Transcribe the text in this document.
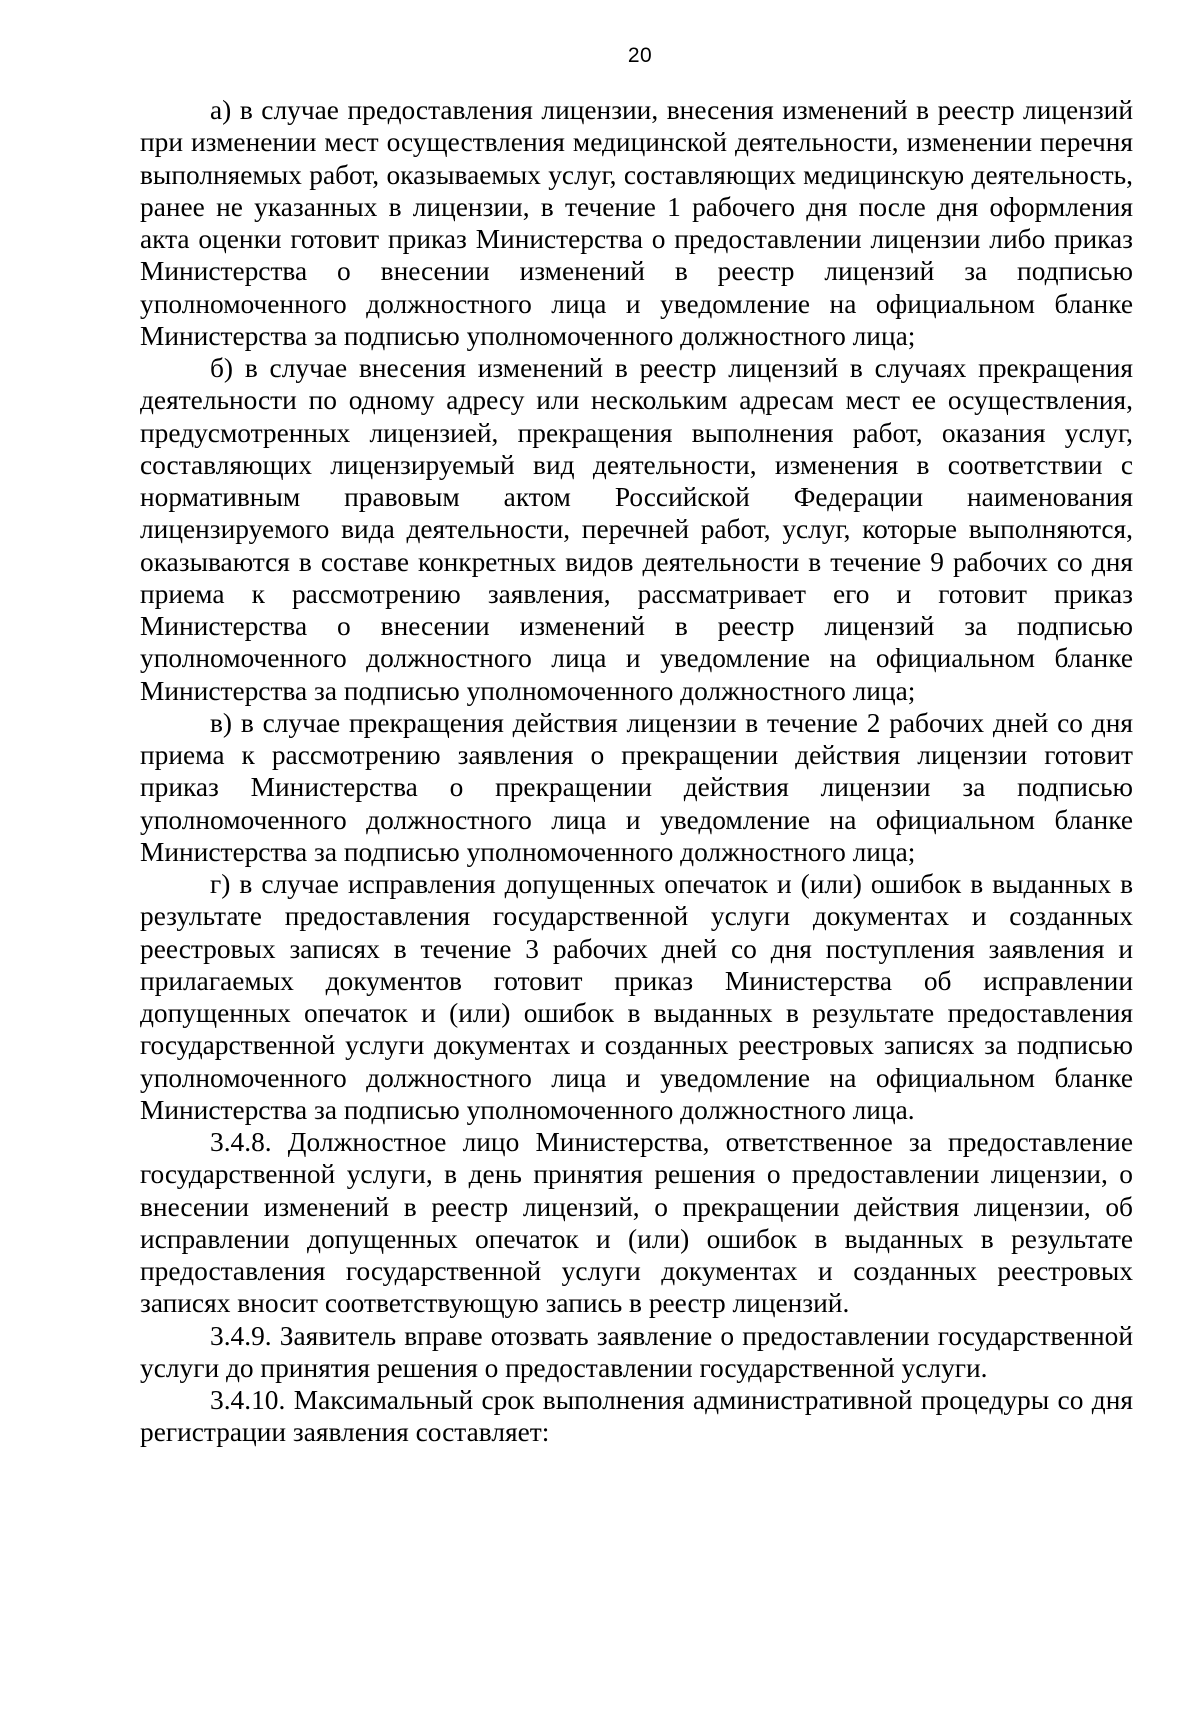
20

а) в случае предоставления лицензии, внесения изменений в реестр лицензий при изменении мест осуществления медицинской деятельности, изменении перечня выполняемых работ, оказываемых услуг, составляющих медицинскую деятельность, ранее не указанных в лицензии, в течение 1 рабочего дня после дня оформления акта оценки готовит приказ Министерства о предоставлении лицензии либо приказ Министерства о внесении изменений в реестр лицензий за подписью уполномоченного должностного лица и уведомление на официальном бланке Министерства за подписью уполномоченного должностного лица;

б) в случае внесения изменений в реестр лицензий в случаях прекращения деятельности по одному адресу или нескольким адресам мест ее осуществления, предусмотренных лицензией, прекращения выполнения работ, оказания услуг, составляющих лицензируемый вид деятельности, изменения в соответствии с нормативным правовым актом Российской Федерации наименования лицензируемого вида деятельности, перечней работ, услуг, которые выполняются, оказываются в составе конкретных видов деятельности в течение 9 рабочих со дня приема к рассмотрению заявления, рассматривает его и готовит приказ Министерства о внесении изменений в реестр лицензий за подписью уполномоченного должностного лица и уведомление на официальном бланке Министерства за подписью уполномоченного должностного лица;

в) в случае прекращения действия лицензии в течение 2 рабочих дней со дня приема к рассмотрению заявления о прекращении действия лицензии готовит приказ Министерства о прекращении действия лицензии за подписью уполномоченного должностного лица и уведомление на официальном бланке Министерства за подписью уполномоченного должностного лица;

г) в случае исправления допущенных опечаток и (или) ошибок в выданных в результате предоставления государственной услуги документах и созданных реестровых записях в течение 3 рабочих дней со дня поступления заявления и прилагаемых документов готовит приказ Министерства об исправлении допущенных опечаток и (или) ошибок в выданных в результате предоставления государственной услуги документах и созданных реестровых записях за подписью уполномоченного должностного лица и уведомление на официальном бланке Министерства за подписью уполномоченного должностного лица.

3.4.8. Должностное лицо Министерства, ответственное за предоставление государственной услуги, в день принятия решения о предоставлении лицензии, о внесении изменений в реестр лицензий, о прекращении действия лицензии, об исправлении допущенных опечаток и (или) ошибок в выданных в результате предоставления государственной услуги документах и созданных реестровых записях вносит соответствующую запись в реестр лицензий.

3.4.9. Заявитель вправе отозвать заявление о предоставлении государственной услуги до принятия решения о предоставлении государственной услуги.

3.4.10. Максимальный срок выполнения административной процедуры со дня регистрации заявления составляет:
